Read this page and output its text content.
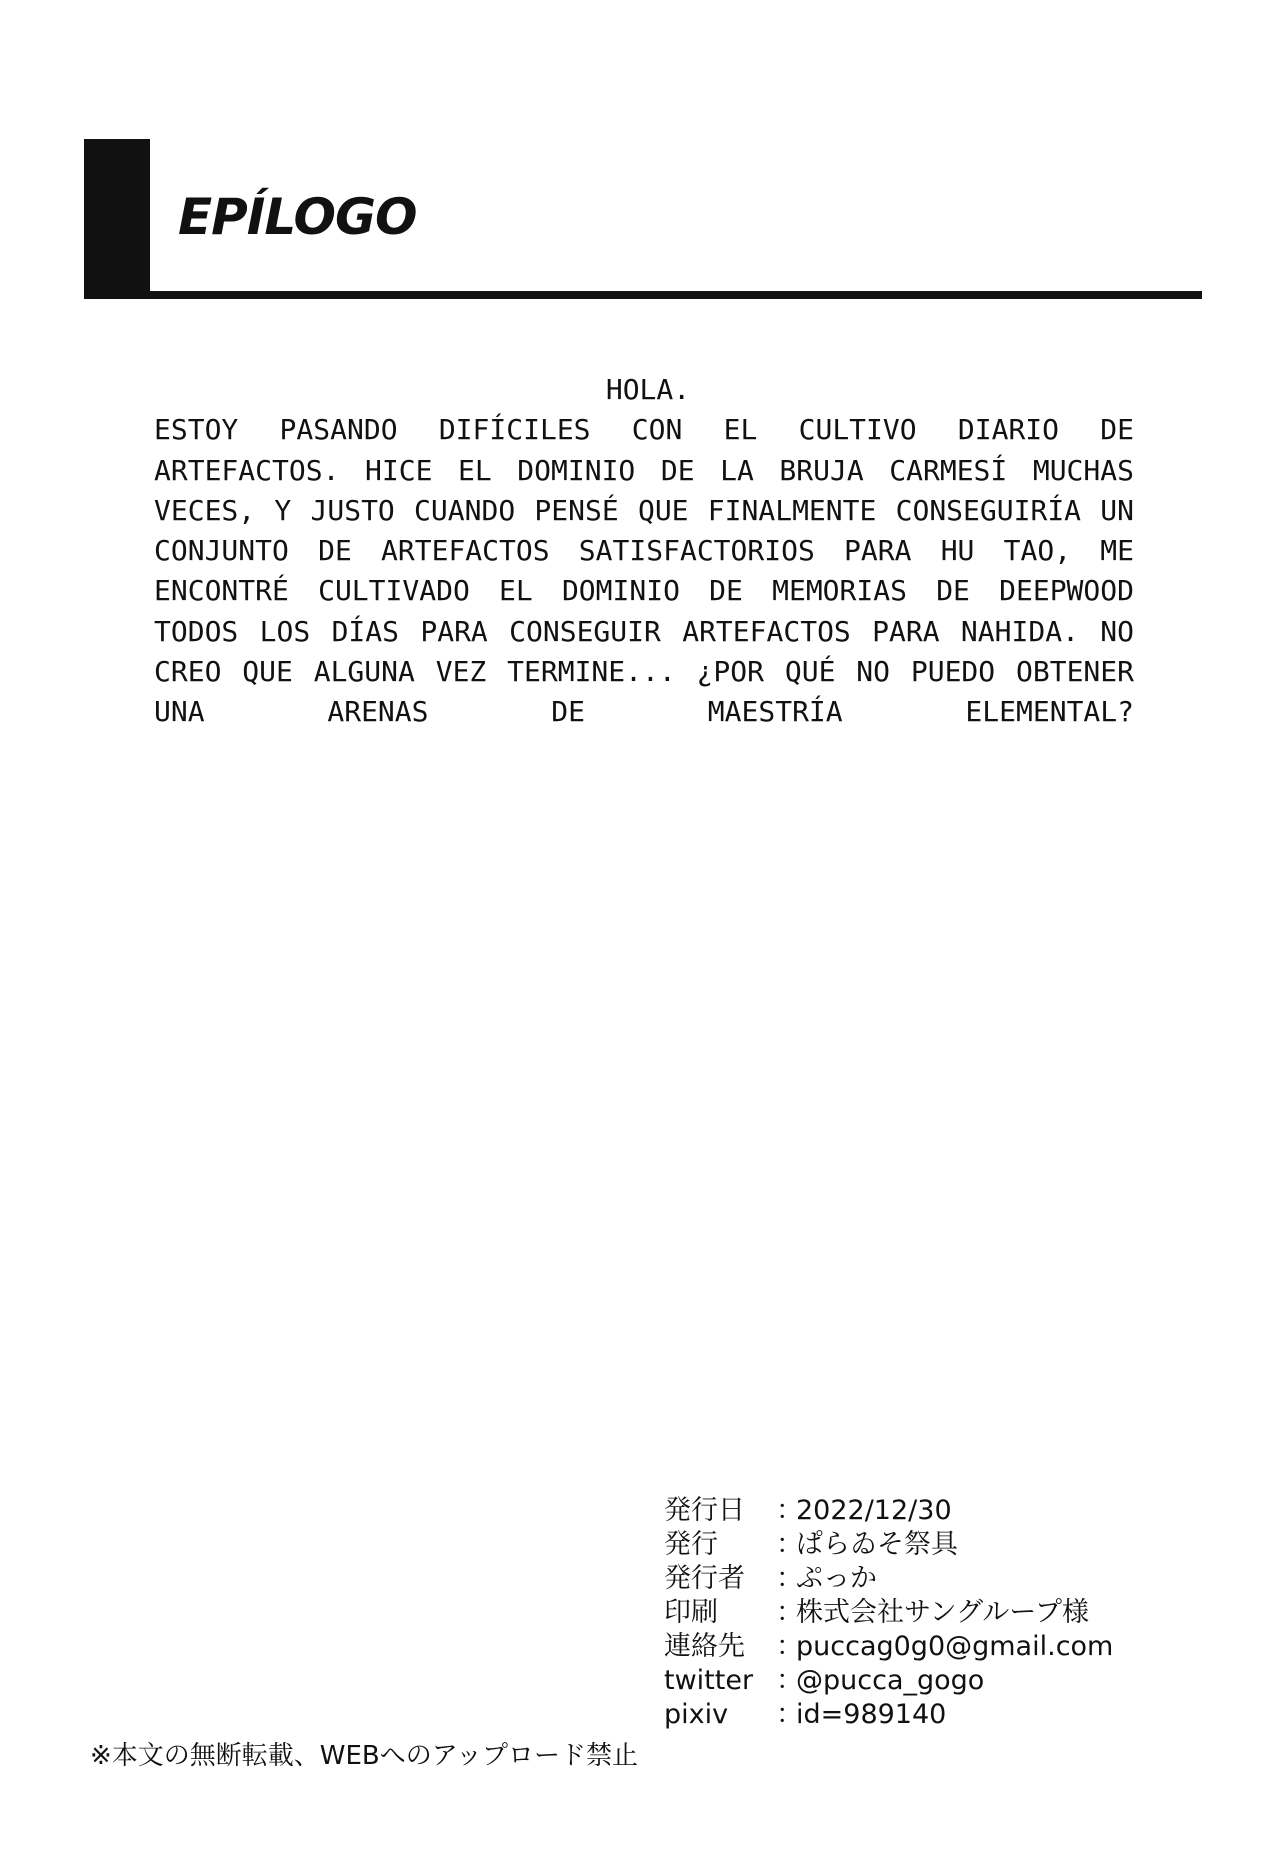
EPÍLOGO

HOLA.

ESTOY PASANDO DIFÍCILES CON EL CULTIVO DIARIO DE ARTEFACTOS. HICE EL DOMINIO DE LA BRUJA CARMESÍ MUCHAS VECES, Y JUSTO CUANDO PENSÉ QUE FINALMENTE CONSEGUIRÍA UN CONJUNTO DE ARTEFACTOS SATISFACTORIOS PARA HU TAO, ME ENCONTRÉ CULTIVADO EL DOMINIO DE MEMORIAS DE DEEPWOOD TODOS LOS DÍAS PARA CONSEGUIR ARTEFACTOS PARA NAHIDA. NO CREO QUE ALGUNA VEZ TERMINE... ¿POR QUÉ NO PUEDO OBTENER UNA ARENAS DE MAESTRÍA ELEMENTAL?

発行日	：
2022/12/30
発行	：
ぱらゐそ祭具
発行者	：
ぷっか
印刷	：
株式会社サングループ様
連絡先	：
puccag0g0@gmail.com
twitter ：
@pucca_gogo
pixiv	：
id=989140
※本文の無断転載、WEBへのアップロード禁止
